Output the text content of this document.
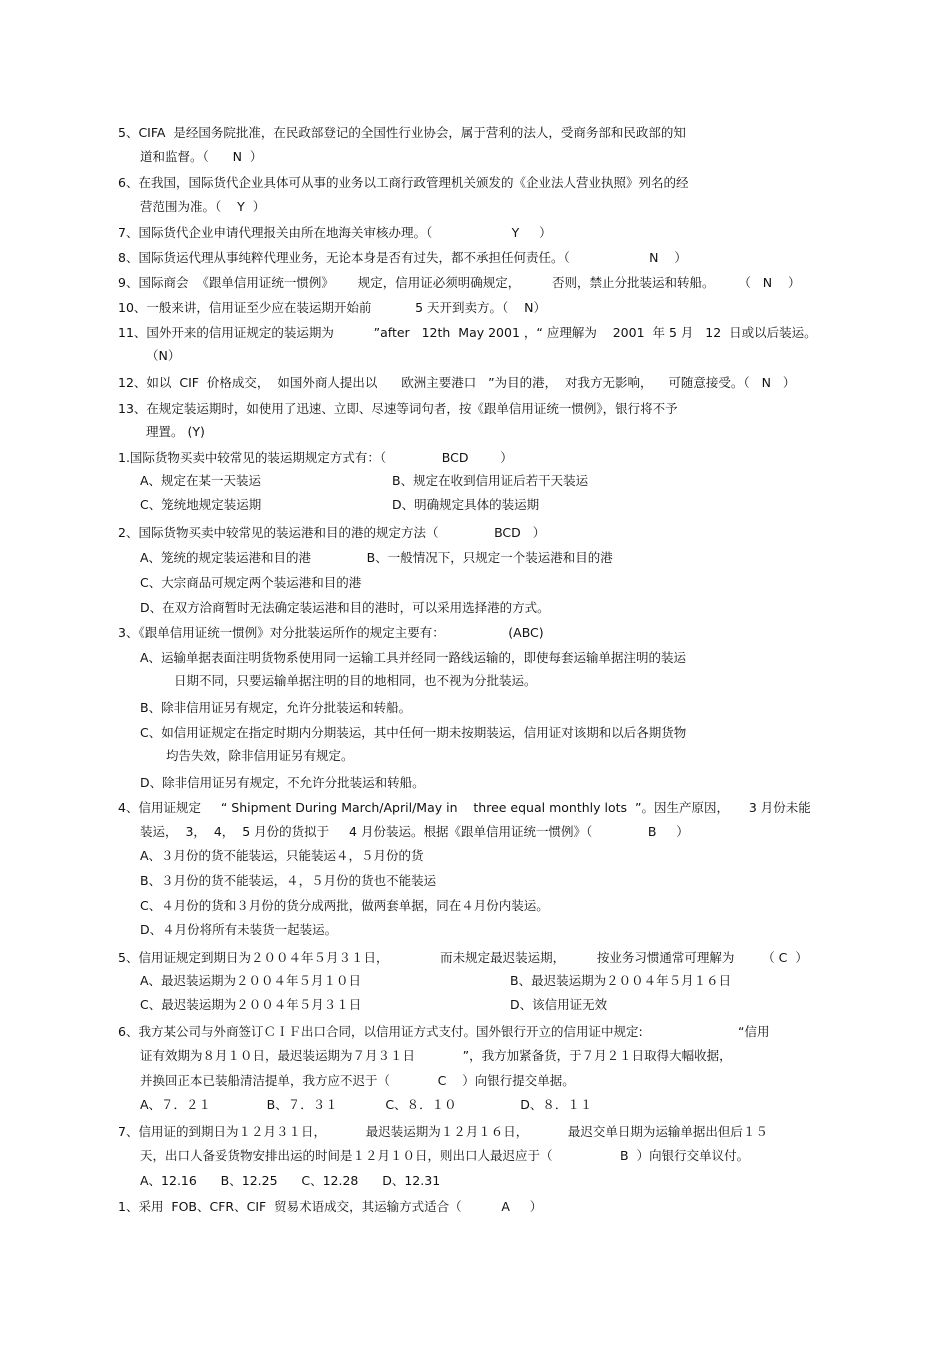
5、CIFA  是经国务院批准，在民政部登记的全国性行业协会，属于营利的法人，受商务部和民政部的知
道和监督。（      N  ）
6、在我国，国际货代企业具体可从事的业务以工商行政管理机关颁发的《企业法人营业执照》列名的经
营范围为准。（    Y  ）
7、国际货代企业申请代理报关由所在地海关审核办理。（                    Y     ）
8、国际货运代理从事纯粹代理业务，无论本身是否有过失，都不承担任何责任。（                    N    ）
9、国际商会  《跟单信用证统一惯例》      规定，信用证必须明确规定，        否则，禁止分批装运和转船。      （   N    ）
10、一般来讲，信用证至少应在装运期开始前           5 天开到卖方。（    N）
11、国外开来的信用证规定的装运期为          ”after   12th  May 2001 ，“ 应理解为    2001  年 5 月   12  日或以后装运。
（N）
12、如以  CIF  价格成交，  如国外商人提出以      欧洲主要港口   ”为目的港，  对我方无影响，    可随意接受。（   N   ）
13、在规定装运期时，如使用了迅速、立即、尽速等词句者，按《跟单信用证统一惯例》，银行将不予
理置。 (Y)
1.国际货物买卖中较常见的装运期规定方式有：（              BCD        ）
A、规定在某一天装运	B、规定在收到信用证后若干天装运
C、笼统地规定装运期	D、明确规定具体的装运期
2、国际货物买卖中较常见的装运港和目的港的规定方法（              BCD   ）
A、笼统的规定装运港和目的港              B、一般情况下，只规定一个装运港和目的港
C、大宗商品可规定两个装运港和目的港
D、在双方洽商暂时无法确定装运港和目的港时，可以采用选择港的方式。
3、《跟单信用证统一惯例》对分批装运所作的规定主要有：                (ABC)
A、运输单据表面注明货物系使用同一运输工具并经同一路线运输的，即使每套运输单据注明的装运
日期不同，只要运输单据注明的目的地相同，也不视为分批装运。
B、除非信用证另有规定，允许分批装运和转船。
C、如信用证规定在指定时期内分期装运，其中任何一期未按期装运，信用证对该期和以后各期货物
均告失效，除非信用证另有规定。
D、除非信用证另有规定，不允许分批装运和转船。
4、信用证规定     “ Shipment During March/April/May in    three equal monthly lots  ”。因生产原因，     3 月份未能
装运，  3，  4，  5 月份的货拟于     4 月份装运。根据《跟单信用证统一惯例》（              B     ）
A、３月份的货不能装运，只能装运４，５月份的货
B、３月份的货不能装运，４，５月份的货也不能装运
C、４月份的货和３月份的货分成两批，做两套单据，同在４月份内装运。
D、４月份将所有未装货一起装运。
5、信用证规定到期日为２００４年５月３１日，             而未规定最迟装运期，        按业务习惯通常可理解为       （ C  ）
A、最迟装运期为２００４年５月１０日	B、最迟装运期为２００４年５月１６日
C、最迟装运期为２００４年５月３１日	D、该信用证无效
6、我方某公司与外商签订ＣＩＦ出口合同，以信用证方式支付。国外银行开立的信用证中规定:                        “信用
证有效期为８月１０日，最迟装运期为７月３１日            ”，我方加紧备货，于７月２１日取得大幅收据，
并换回正本已装船清洁提单，我方应不迟于（            C    ）向银行提交单据。
A、７．２１              B、７．３１            C、８．１０                D、８．１１
7、信用证的到期日为１２月３１日，          最迟装运期为１２月１６日，          最迟交单日期为运输单据出但后１５
天，出口人备妥货物安排出运的时间是１２月１０日，则出口人最迟应于（                 B  ）向银行交单议付。
A、12.16      B、12.25      C、12.28      D、12.31
1、采用  FOB、CFR、CIF  贸易术语成交，其运输方式适合（          A     ）
